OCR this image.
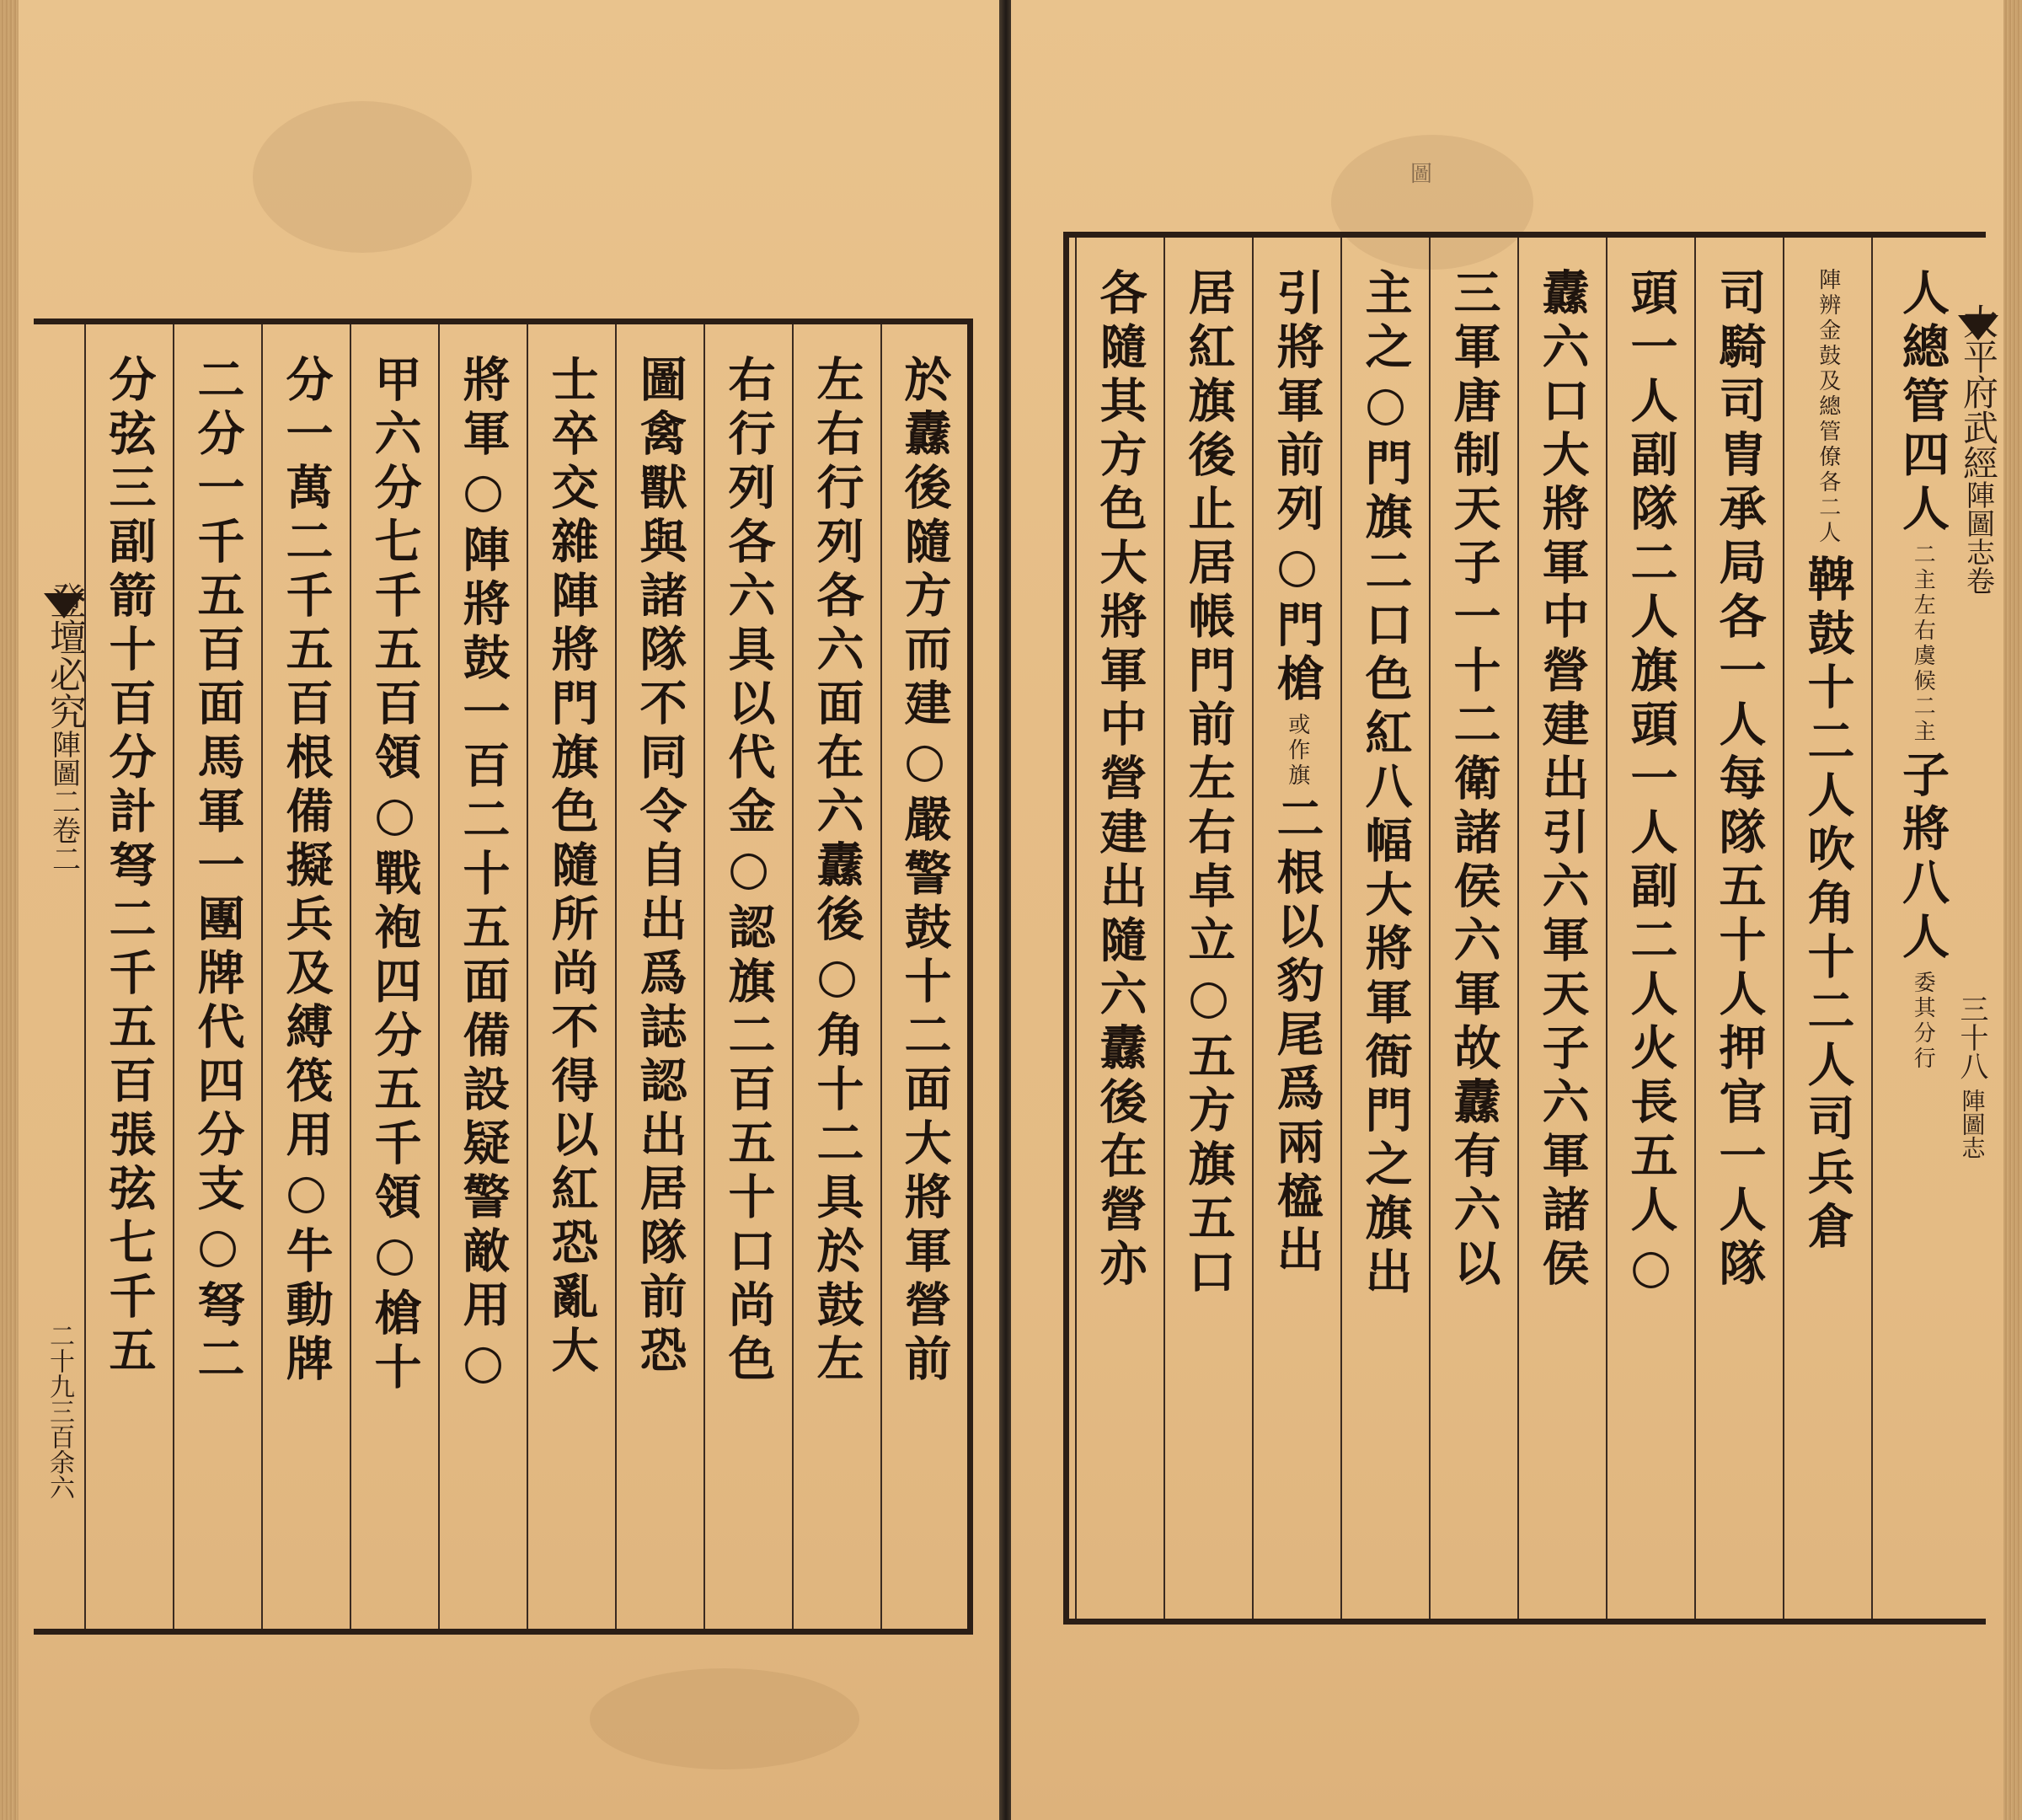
登壇必究
陣圖二卷二
二十九三百余六
於纛後隨方而建○嚴警鼓十二面大將軍營前
左右行列各六面在六纛後○角十二具於鼓左
右行列各六具以代金○認旗二百五十口尚色
圖禽獸與諸隊不同令自出爲誌認出居隊前恐
士卒交雜陣將門旗色隨所尚不得以紅恐亂大
將軍○陣將鼓一百二十五面備設疑警敵用○
甲六分七千五百領○戰袍四分五千領○槍十
分一萬二千五百根備擬兵及縛筏用○牛動牌
二分一千五百面馬軍一團牌代四分支○弩二
分弦三副箭十百分計弩二千五百張弦七千五
圖
人總管四人
二主左右虞候二主
子將八人
委其分行
陣辨金鼓及總管僚各二人
鞞鼓十二人吹角十二人司兵倉
司騎司胄承局各一人每隊五十人押官一人隊
頭一人副隊二人旗頭一人副二人火長五人○
纛六口大將軍中營建出引六軍天子六軍諸侯
三軍唐制天子一十二衛諸侯六軍故纛有六以
主之○門旗二口色紅八幅大將軍衙門之旗出
引將軍前列○門槍
或作旗
二根以豹尾爲兩橀出
居紅旗後止居帳門前左右卓立○五方旗五口
各隨其方色大將軍中營建出隨六纛後在營亦	太平府武經
陣圖志卷
三十八
陣圖志
